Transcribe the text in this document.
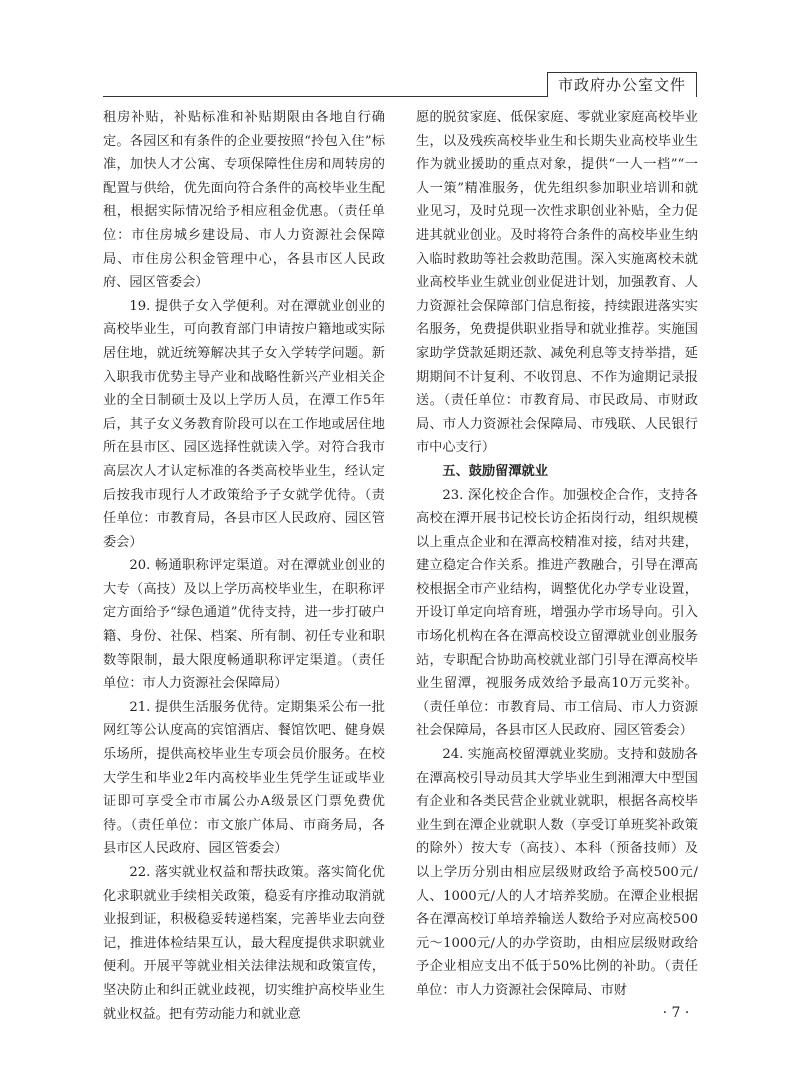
市政府办公室文件

租房补贴，补贴标准和补贴期限由各地自行确定。各园区和有条件的企业要按照“拎包入住”标准，加快人才公寓、专项保障性住房和周转房的配置与供给，优先面向符合条件的高校毕业生配租，根据实际情况给予相应租金优惠。（责任单位：市住房城乡建设局、市人力资源社会保障局、市住房公积金管理中心，各县市区人民政府、园区管委会）

19. 提供子女入学便利。对在潭就业创业的高校毕业生，可向教育部门申请按户籍地或实际居住地，就近统筹解决其子女入学转学问题。新入职我市优势主导产业和战略性新兴产业相关企业的全日制硕士及以上学历人员，在潭工作5年后，其子女义务教育阶段可以在工作地或居住地所在县市区、园区选择性就读入学。对符合我市高层次人才认定标准的各类高校毕业生，经认定后按我市现行人才政策给予子女就学优待。（责任单位：市教育局，各县市区人民政府、园区管委会）

20. 畅通职称评定渠道。对在潭就业创业的大专（高技）及以上学历高校毕业生，在职称评定方面给予“绿色通道”优待支持，进一步打破户籍、身份、社保、档案、所有制、初任专业和职数等限制，最大限度畅通职称评定渠道。（责任单位：市人力资源社会保障局）

21. 提供生活服务优待。定期集采公布一批网红等公认度高的宾馆酒店、餐馆饮吧、健身娱乐场所，提供高校毕业生专项会员价服务。在校大学生和毕业2年内高校毕业生凭学生证或毕业证即可享受全市市属公办A级景区门票免费优待。（责任单位：市文旅广体局、市商务局，各县市区人民政府、园区管委会）

22. 落实就业权益和帮扶政策。落实简化优化求职就业手续相关政策，稳妥有序推动取消就业报到证，积极稳妥转递档案，完善毕业去向登记，推进体检结果互认，最大程度提供求职就业便利。开展平等就业相关法律法规和政策宣传，坚决防止和纠正就业歧视，切实维护高校毕业生就业权益。把有劳动能力和就业意

愿的脱贫家庭、低保家庭、零就业家庭高校毕业生，以及残疾高校毕业生和长期失业高校毕业生作为就业援助的重点对象，提供“一人一档”“一人一策”精准服务，优先组织参加职业培训和就业见习，及时兑现一次性求职创业补贴，全力促进其就业创业。及时将符合条件的高校毕业生纳入临时救助等社会救助范围。深入实施离校未就业高校毕业生就业创业促进计划，加强教育、人力资源社会保障部门信息衔接，持续跟进落实实名服务，免费提供职业指导和就业推荐。实施国家助学贷款延期还款、减免利息等支持举措，延期期间不计复利、不收罚息、不作为逾期记录报送。（责任单位：市教育局、市民政局、市财政局、市人力资源社会保障局、市残联、人民银行市中心支行）

五、鼓励留潭就业

23. 深化校企合作。加强校企合作，支持各高校在潭开展书记校长访企拓岗行动，组织规模以上重点企业和在潭高校精准对接，结对共建，建立稳定合作关系。推进产教融合，引导在潭高校根据全市产业结构，调整优化办学专业设置，开设订单定向培育班，增强办学市场导向。引入市场化机构在各在潭高校设立留潭就业创业服务站，专职配合协助高校就业部门引导在潭高校毕业生留潭，视服务成效给予最高10万元奖补。（责任单位：市教育局、市工信局、市人力资源社会保障局，各县市区人民政府、园区管委会）

24. 实施高校留潭就业奖励。支持和鼓励各在潭高校引导动员其大学毕业生到湘潭大中型国有企业和各类民营企业就业就职，根据各高校毕业生到在潭企业就职人数（享受订单班奖补政策的除外）按大专（高技）、本科（预备技师）及以上学历分别由相应层级财政给予高校500元/人、1000元/人的人才培养奖励。在潭企业根据各在潭高校订单培养输送人数给予对应高校500元～1000元/人的办学资助，由相应层级财政给予企业相应支出不低于50%比例的补助。（责任单位：市人力资源社会保障局、市财

· 7 ·
